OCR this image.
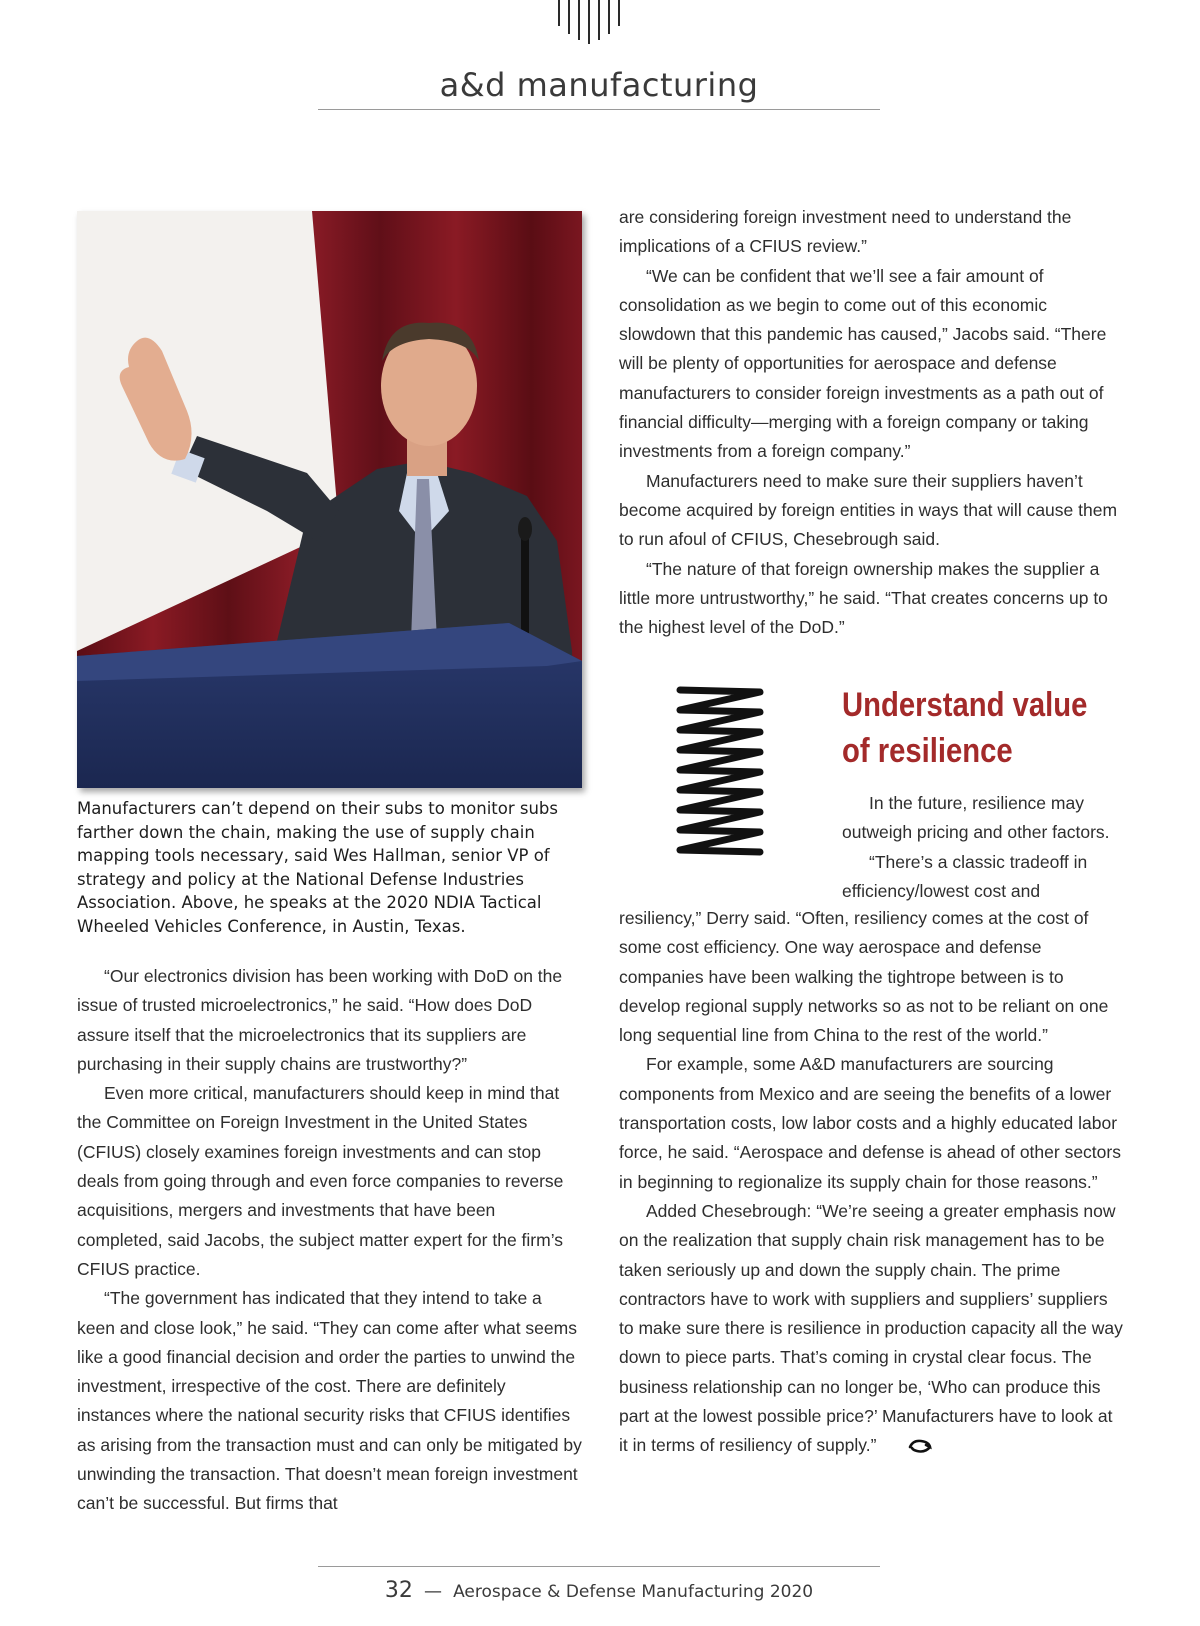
a&d manufacturing

Manufacturers can’t depend on their subs to monitor subs farther down the chain, making the use of supply chain mapping tools necessary, said Wes Hallman, senior VP of strategy and policy at the National Defense Industries Association. Above, he speaks at the 2020 NDIA Tactical Wheeled Vehicles Conference, in Austin, Texas.

“Our electronics division has been working with DoD on the issue of trusted microelectronics,” he said. “How does DoD assure itself that the microelectronics that its suppliers are purchasing in their supply chains are trustworthy?”

Even more critical, manufacturers should keep in mind that the Committee on Foreign Investment in the United States (CFIUS) closely examines foreign investments and can stop deals from going through and even force companies to reverse acquisitions, mergers and investments that have been completed, said Jacobs, the subject matter expert for the firm’s CFIUS practice.

“The government has indicated that they intend to take a keen and close look,” he said. “They can come after what seems like a good financial decision and order the parties to unwind the investment, irrespective of the cost. There are definitely instances where the national security risks that CFIUS identifies as arising from the transaction must and can only be mitigated by unwinding the transaction. That doesn’t mean foreign investment can’t be successful. But firms that

are considering foreign investment need to understand the implications of a CFIUS review.”

“We can be confident that we’ll see a fair amount of consolidation as we begin to come out of this economic slowdown that this pandemic has caused,” Jacobs said. “There will be plenty of opportunities for aerospace and defense manufacturers to consider foreign investments as a path out of financial difficulty—merging with a foreign company or taking investments from a foreign company.”

Manufacturers need to make sure their suppliers haven’t become acquired by foreign entities in ways that will cause them to run afoul of CFIUS, Chesebrough said.

“The nature of that foreign ownership makes the supplier a little more untrustworthy,” he said. “That creates concerns up to the highest level of the DoD.”

Understand value
of resilience

In the future, resilience may outweigh pricing and other factors.

“There’s a classic tradeoff in efficiency/lowest cost and

resiliency,” Derry said. “Often, resiliency comes at the cost of some cost efficiency. One way aerospace and defense companies have been walking the tightrope between is to develop regional supply networks so as not to be reliant on one long sequential line from China to the rest of the world.”

For example, some A&D manufacturers are sourcing components from Mexico and are seeing the benefits of a lower transportation costs, low labor costs and a highly educated labor force, he said. “Aerospace and defense is ahead of other sectors in beginning to regionalize its supply chain for those reasons.”

Added Chesebrough: “We’re seeing a greater emphasis now on the realization that supply chain risk management has to be taken seriously up and down the supply chain. The prime contractors have to work with suppliers and suppliers’ suppliers to make sure there is resilience in production capacity all the way down to piece parts. That’s coming in crystal clear focus. The business relationship can no longer be, ‘Who can produce this part at the lowest possible price?’ Manufacturers have to look at it in terms of resiliency of supply.”

32 — Aerospace & Defense Manufacturing 2020
